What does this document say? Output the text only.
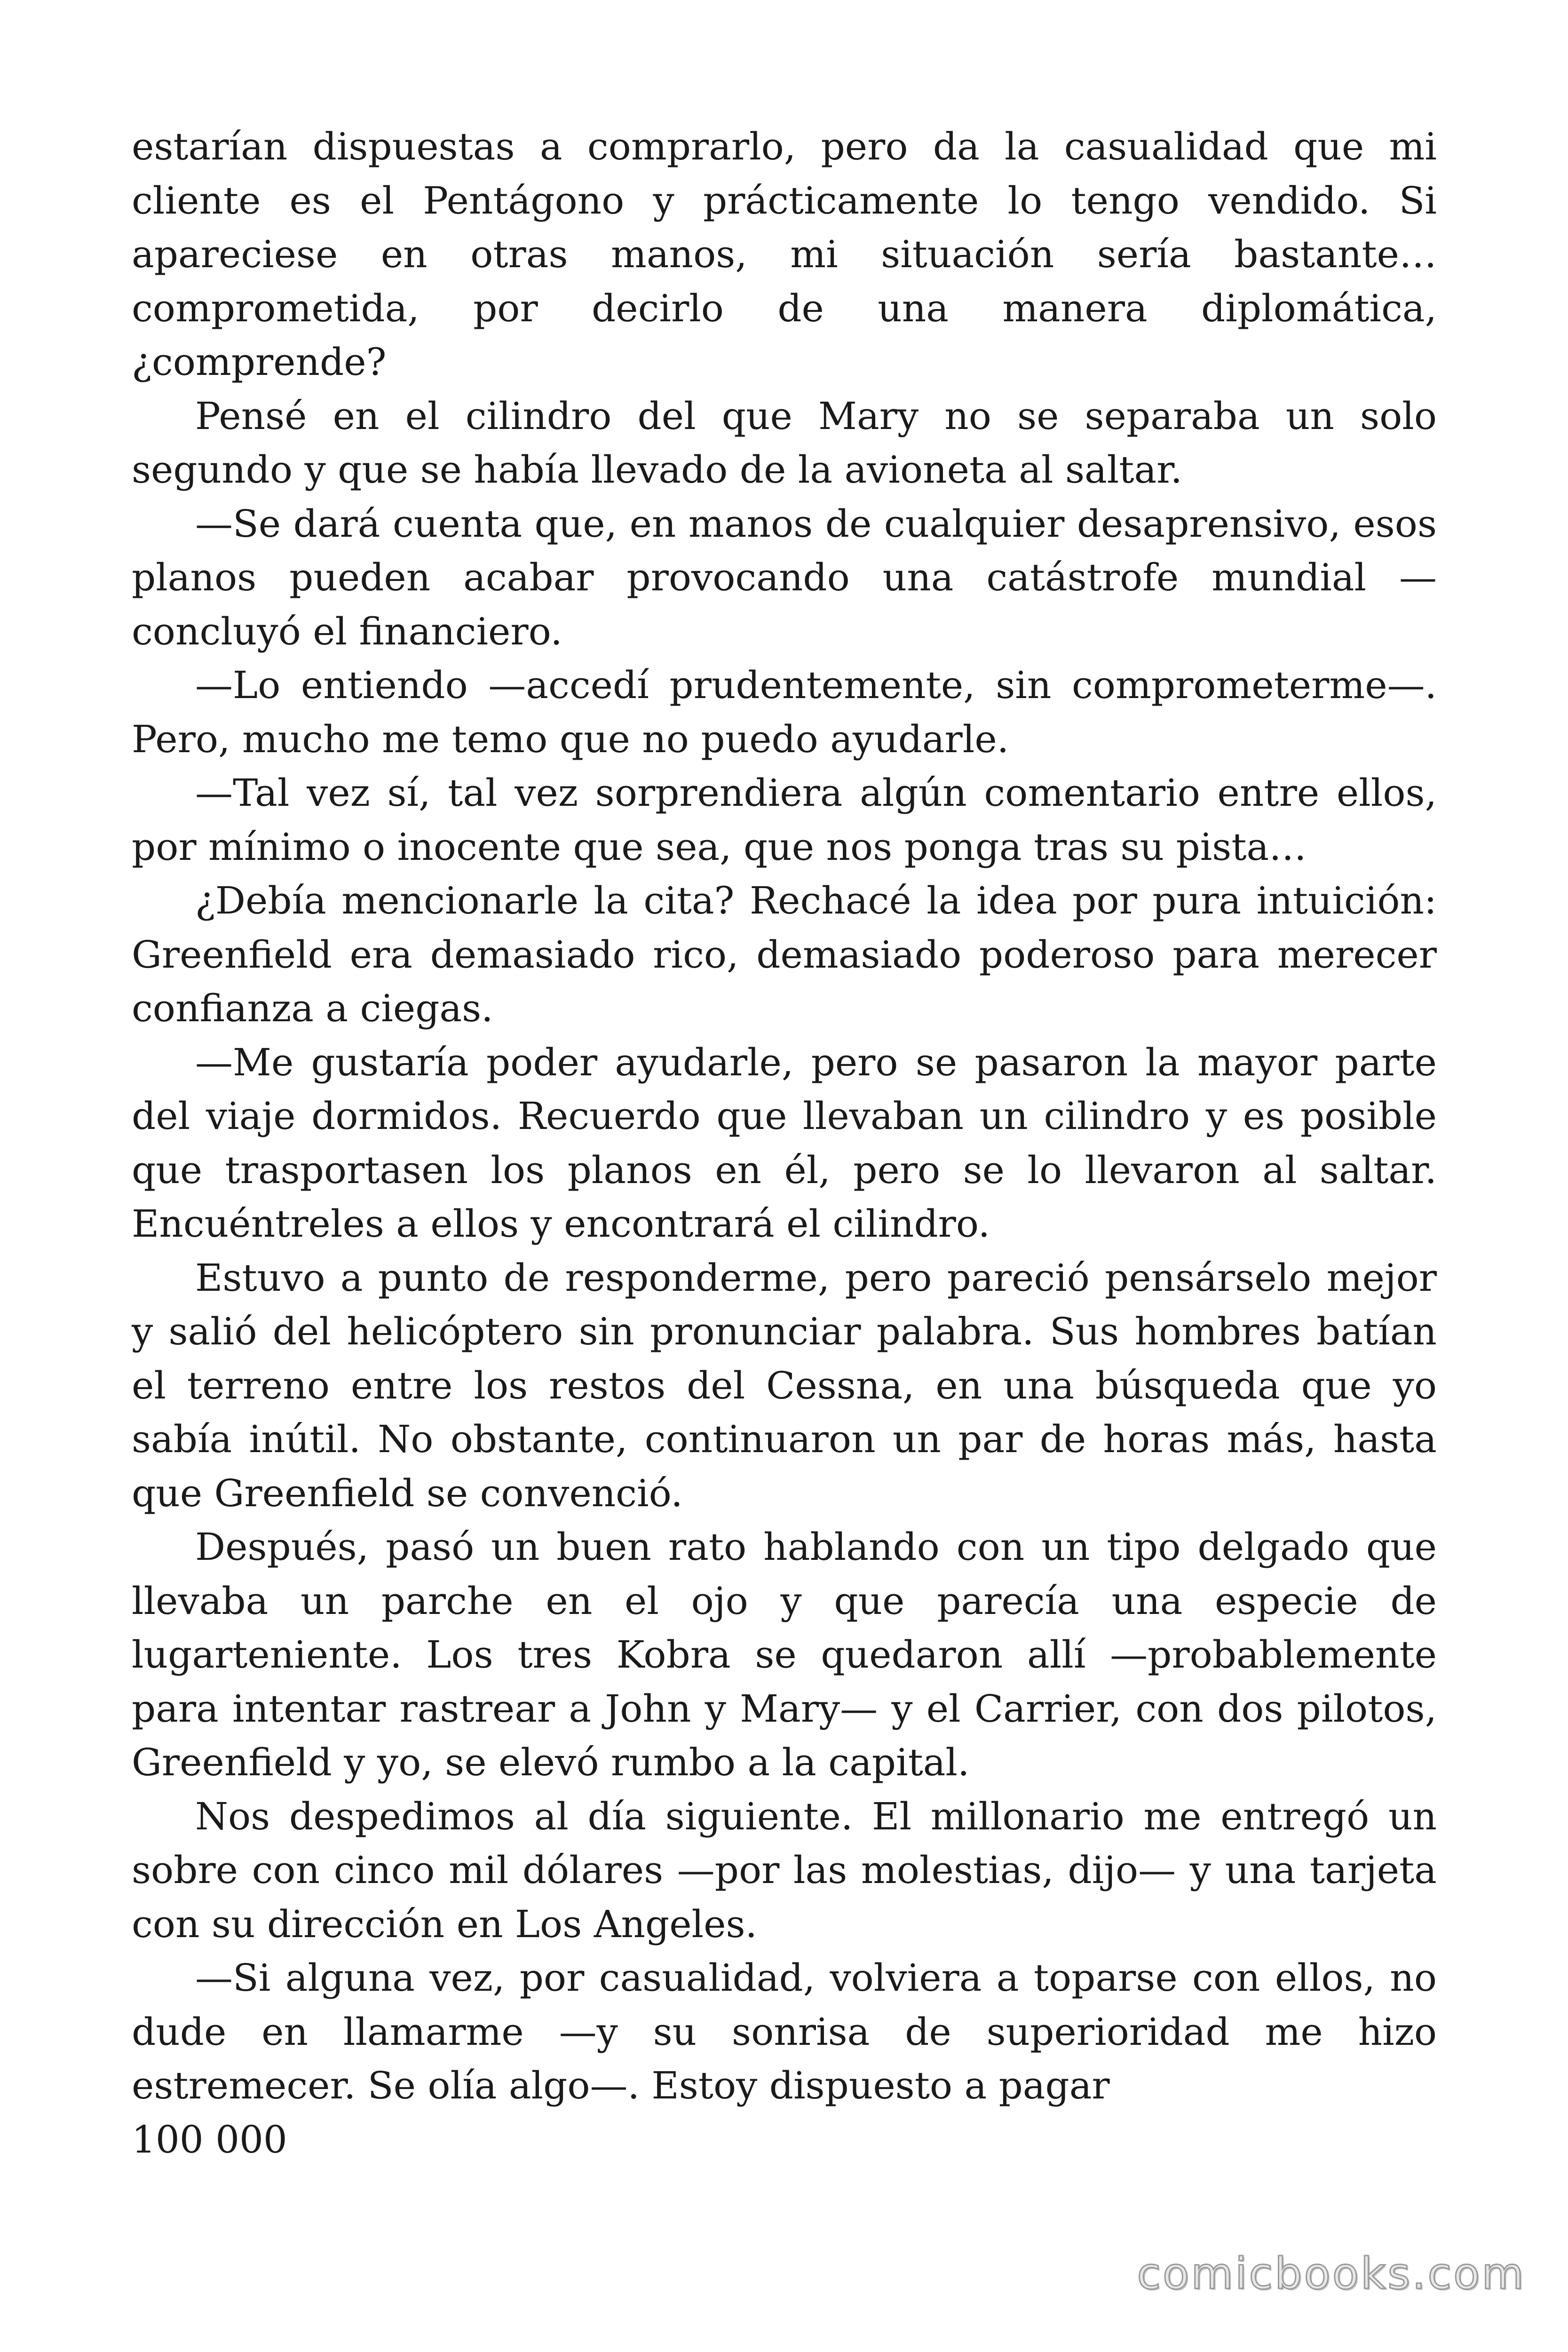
estarían dispuestas a comprarlo, pero da la casualidad que mi cliente es el Pentágono y prácticamente lo tengo vendido. Si apareciese en otras manos, mi situación sería bastante… comprometida, por decirlo de una manera diplomática, ¿comprende?

Pensé en el cilindro del que Mary no se separaba un solo segundo y que se había llevado de la avioneta al saltar.

—Se dará cuenta que, en manos de cualquier desaprensivo, esos planos pueden acabar provocando una catástrofe mundial —concluyó el financiero.

—Lo entiendo —accedí prudentemente, sin comprometerme—. Pero, mucho me temo que no puedo ayudarle.

—Tal vez sí, tal vez sorprendiera algún comentario entre ellos, por mínimo o inocente que sea, que nos ponga tras su pista…

¿Debía mencionarle la cita? Rechacé la idea por pura intuición: Greenfield era demasiado rico, demasiado poderoso para merecer confianza a ciegas.

—Me gustaría poder ayudarle, pero se pasaron la mayor parte del viaje dormidos. Recuerdo que llevaban un cilindro y es posible que trasportasen los planos en él, pero se lo llevaron al saltar. Encuéntreles a ellos y encontrará el cilindro.

Estuvo a punto de responderme, pero pareció pensárselo mejor y salió del helicóptero sin pronunciar palabra. Sus hombres batían el terreno entre los restos del Cessna, en una búsqueda que yo sabía inútil. No obstante, continuaron un par de horas más, hasta que Greenfield se convenció.

Después, pasó un buen rato hablando con un tipo delgado que llevaba un parche en el ojo y que parecía una especie de lugarteniente. Los tres Kobra se quedaron allí —probablemente para intentar rastrear a John y Mary— y el Carrier, con dos pilotos, Greenfield y yo, se elevó rumbo a la capital.

Nos despedimos al día siguiente. El millonario me entregó un sobre con cinco mil dólares —por las molestias, dijo— y una tarjeta con su dirección en Los Angeles.

—Si alguna vez, por casualidad, volviera a toparse con ellos, no dude en llamarme —y su sonrisa de superioridad me hizo estremecer. Se olía algo—. Estoy dispuesto a pagar

100 000

comicbooks.com
